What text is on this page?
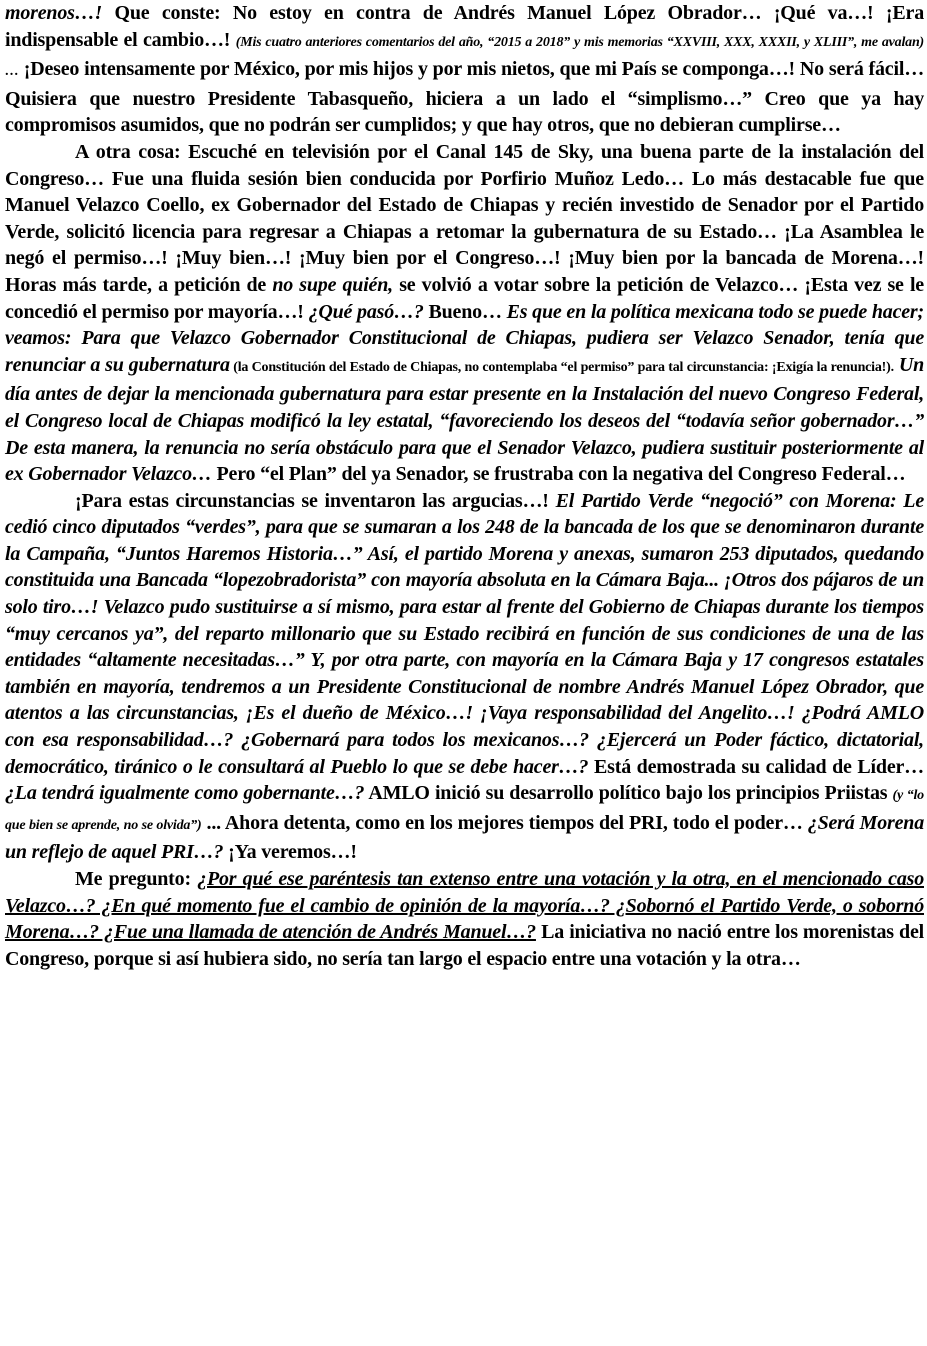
morenos…! Que conste: No estoy en contra de Andrés Manuel López Obrador… ¡Qué va…! ¡Era indispensable el cambio…! (Mis cuatro anteriores comentarios del año, “2015 a 2018” y mis memorias “XXVIII, XXX, XXXII, y XLIII”, me avalan) … ¡Deseo intensamente por México, por mis hijos y por mis nietos, que mi País se componga…! No será fácil… Quisiera que nuestro Presidente Tabasqueño, hiciera a un lado el “simplismo…” Creo que ya hay compromisos asumidos, que no podrán ser cumplidos; y que hay otros, que no debieran cumplirse…

A otra cosa: Escuché en televisión por el Canal 145 de Sky, una buena parte de la instalación del Congreso… Fue una fluida sesión bien conducida por Porfirio Muñoz Ledo… Lo más destacable fue que Manuel Velazco Coello, ex Gobernador del Estado de Chiapas y recién investido de Senador por el Partido Verde, solicitó licencia para regresar a Chiapas a retomar la gubernatura de su Estado… ¡La Asamblea le negó el permiso…! ¡Muy bien…! ¡Muy bien por el Congreso…! ¡Muy bien por la bancada de Morena…! Horas más tarde, a petición de no supe quién, se volvió a votar sobre la petición de Velazco… ¡Esta vez se le concedió el permiso por mayoría…! ¿Qué pasó…? Bueno… Es que en la política mexicana todo se puede hacer; veamos: Para que Velazco Gobernador Constitucional de Chiapas, pudiera ser Velazco Senador, tenía que renunciar a su gubernatura (la Constitución del Estado de Chiapas, no contemplaba “el permiso” para tal circunstancia: ¡Exigía la renuncia!). Un día antes de dejar la mencionada gubernatura para estar presente en la Instalación del nuevo Congreso Federal, el Congreso local de Chiapas modificó la ley estatal, “favoreciendo los deseos del “todavía señor gobernador…” De esta manera, la renuncia no sería obstáculo para que el Senador Velazco, pudiera sustituir posteriormente al ex Gobernador Velazco… Pero “el Plan” del ya Senador, se frustraba con la negativa del Congreso Federal…

¡Para estas circunstancias se inventaron las argucias…! El Partido Verde “negoció” con Morena: Le cedió cinco diputados “verdes”, para que se sumaran a los 248 de la bancada de los que se denominaron durante la Campaña, “Juntos Haremos Historia…” Así, el partido Morena y anexas, sumaron 253 diputados, quedando constituida una Bancada “lopezobradorista” con mayoría absoluta en la Cámara Baja... ¡Otros dos pájaros de un solo tiro…! Velazco pudo sustituirse a sí mismo, para estar al frente del Gobierno de Chiapas durante los tiempos “muy cercanos ya”, del reparto millonario que su Estado recibirá en función de sus condiciones de una de las entidades “altamente necesitadas…” Y, por otra parte, con mayoría en la Cámara Baja y 17 congresos estatales también en mayoría, tendremos a un Presidente Constitucional de nombre Andrés Manuel López Obrador, que atentos a las circunstancias, ¡Es el dueño de México…! ¡Vaya responsabilidad del Angelito…! ¿Podrá AMLO con esa responsabilidad…? ¿Gobernará para todos los mexicanos…? ¿Ejercerá un Poder fáctico, dictatorial, democrático, tiránico o le consultará al Pueblo lo que se debe hacer…? Está demostrada su calidad de Líder… ¿La tendrá igualmente como gobernante…? AMLO inició su desarrollo político bajo los principios Priistas (y “lo que bien se aprende, no se olvida”) ... Ahora detenta, como en los mejores tiempos del PRI, todo el poder… ¿Será Morena un reflejo de aquel PRI…? ¡Ya veremos…!

Me pregunto: ¿Por qué ese paréntesis tan extenso entre una votación y la otra, en el mencionado caso Velazco…? ¿En qué momento fue el cambio de opinión de la mayoría…? ¿Sobornó el Partido Verde, o sobornó Morena…? ¿Fue una llamada de atención de Andrés Manuel…? La iniciativa no nació entre los morenistas del Congreso, porque si así hubiera sido, no sería tan largo el espacio entre una votación y la otra…
